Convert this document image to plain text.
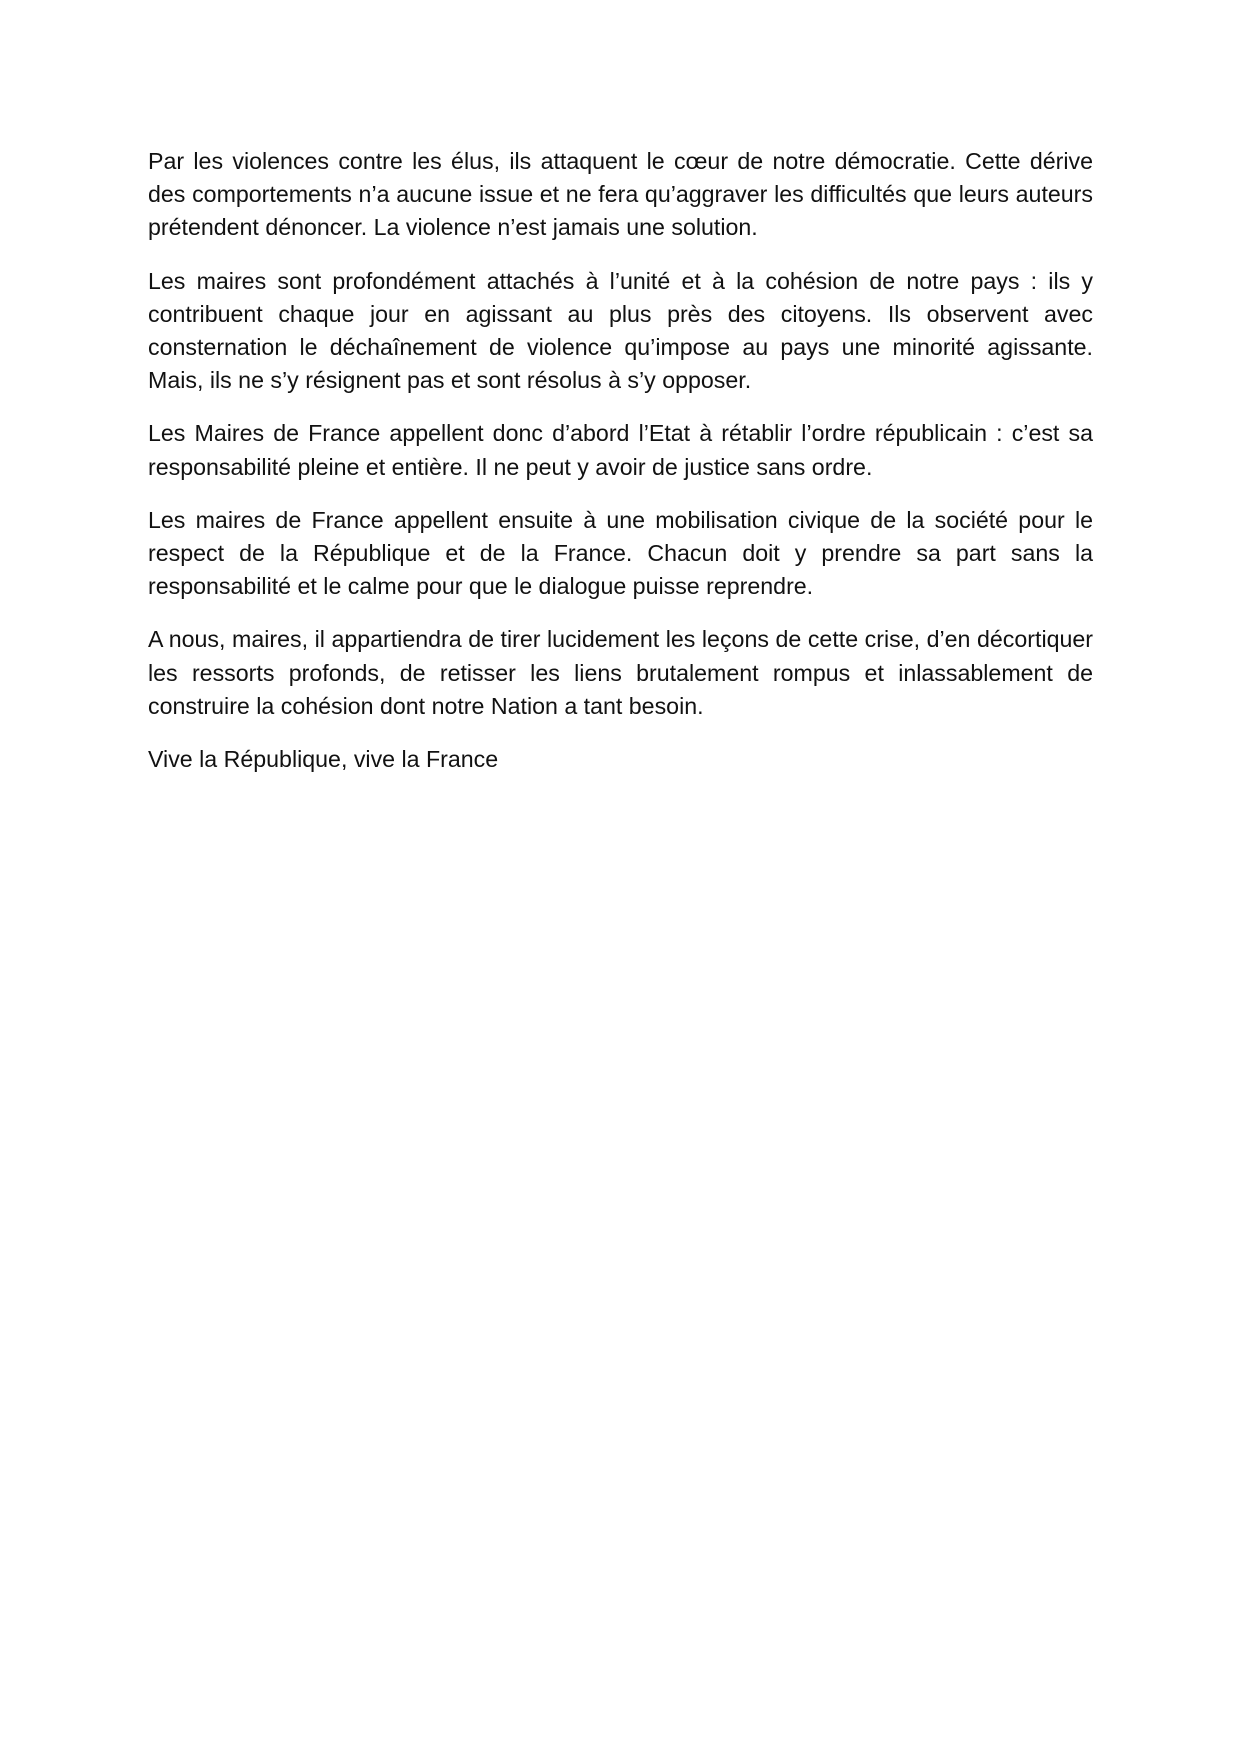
Par les violences contre les élus, ils attaquent le cœur de notre démocratie. Cette dérive des comportements n’a aucune issue et ne fera qu’aggraver les difficultés que leurs auteurs prétendent dénoncer. La violence n’est jamais une solution.

Les maires sont profondément attachés à l’unité et à la cohésion de notre pays : ils y contribuent chaque jour en agissant au plus près des citoyens. Ils observent avec consternation le déchaînement de violence qu’impose au pays une minorité agissante. Mais, ils ne s’y résignent pas et sont résolus à s’y opposer.

Les Maires de France appellent donc d’abord l’Etat à rétablir l’ordre républicain : c’est sa responsabilité pleine et entière. Il ne peut y avoir de justice sans ordre.

Les maires de France appellent ensuite à une mobilisation civique de la société pour le respect de la République et de la France. Chacun doit y prendre sa part sans la responsabilité et le calme pour que le dialogue puisse reprendre.

A nous, maires, il appartiendra de tirer lucidement les leçons de cette crise, d’en décortiquer les ressorts profonds, de retisser les liens brutalement rompus et inlassablement de construire la cohésion dont notre Nation a tant besoin.

Vive la République, vive la France
